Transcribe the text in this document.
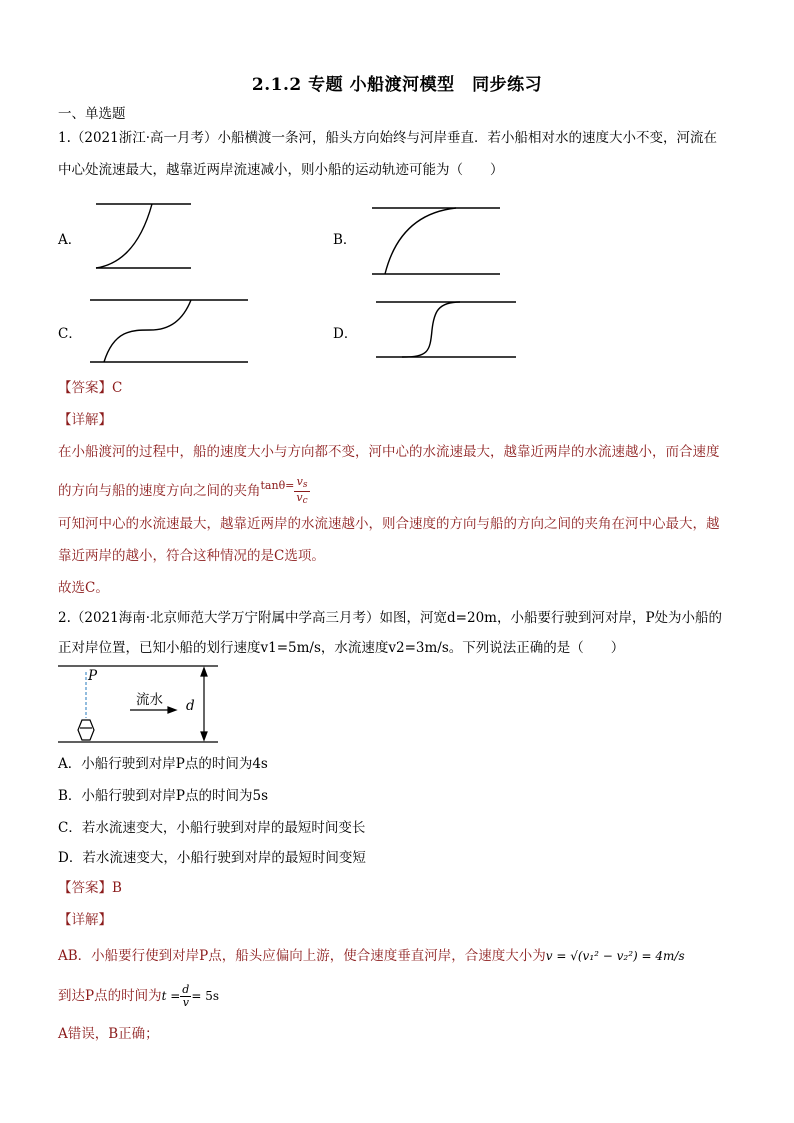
2.1.2 专题 小船渡河模型　同步练习
一、单选题
1.（2021浙江·高一月考）小船横渡一条河，船头方向始终与河岸垂直．若小船相对水的速度大小不变，河流在
中心处流速最大，越靠近两岸流速减小，则小船的运动轨迹可能为（　　）
A．	B．
C．	D．
【答案】C
【详解】
在小船渡河的过程中，船的速度大小与方向都不变，河中心的水流速最大，越靠近两岸的水流速越小，而合速度
的方向与船的速度方向之间的夹角$^{tan\theta=} \frac{v_s}{v_c}$
可知河中心的水流速最大，越靠近两岸的水流速越小，则合速度的方向与船的方向之间的夹角在河中心最大，越
靠近两岸的越小，符合这种情况的是C选项。
故选C。
2.（2021海南·北京师范大学万宁附属中学高三月考）如图，河宽d=20m，小船要行驶到河对岸，P处为小船的
正对岸位置，已知小船的划行速度v1=5m/s，水流速度v2=3m/s。下列说法正确的是（　　）
P
流水 d
A．小船行驶到对岸P点的时间为4s
B．小船行驶到对岸P点的时间为5s
C．若水流速变大，小船行驶到对岸的最短时间变长
D．若水流速变大，小船行驶到对岸的最短时间变短
【答案】B
【详解】
AB．小船要行使到对岸P点，船头应偏向上游，使合速度垂直河岸，合速度大小为v = √(v₁² − v₂²) = 4m/s
到达P点的时间为$t = \frac{d}{v} = 5s$
A错误，B正确；
